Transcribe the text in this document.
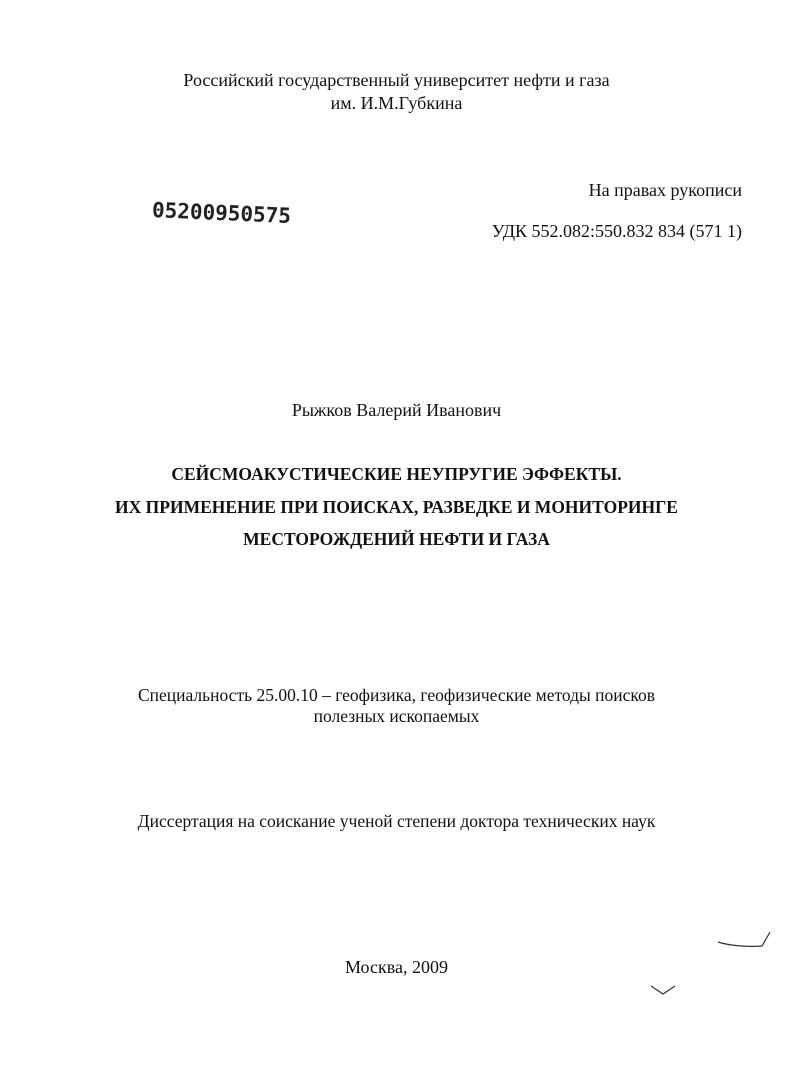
Российский государственный университет нефти и газа
им. И.М.Губкина
На правах рукописи
05200950575
УДК 552.082:550.832 834 (571 1)
Рыжков Валерий Иванович
СЕЙСМОАКУСТИЧЕСКИЕ НЕУПРУГИЕ ЭФФЕКТЫ.
ИХ ПРИМЕНЕНИЕ ПРИ ПОИСКАХ, РАЗВЕДКЕ И МОНИТОРИНГЕ
МЕСТОРОЖДЕНИЙ НЕФТИ И ГАЗА
Специальность 25.00.10 – геофизика, геофизические методы поисков
полезных ископаемых
Диссертация на соискание ученой степени доктора технических наук
Москва, 2009
